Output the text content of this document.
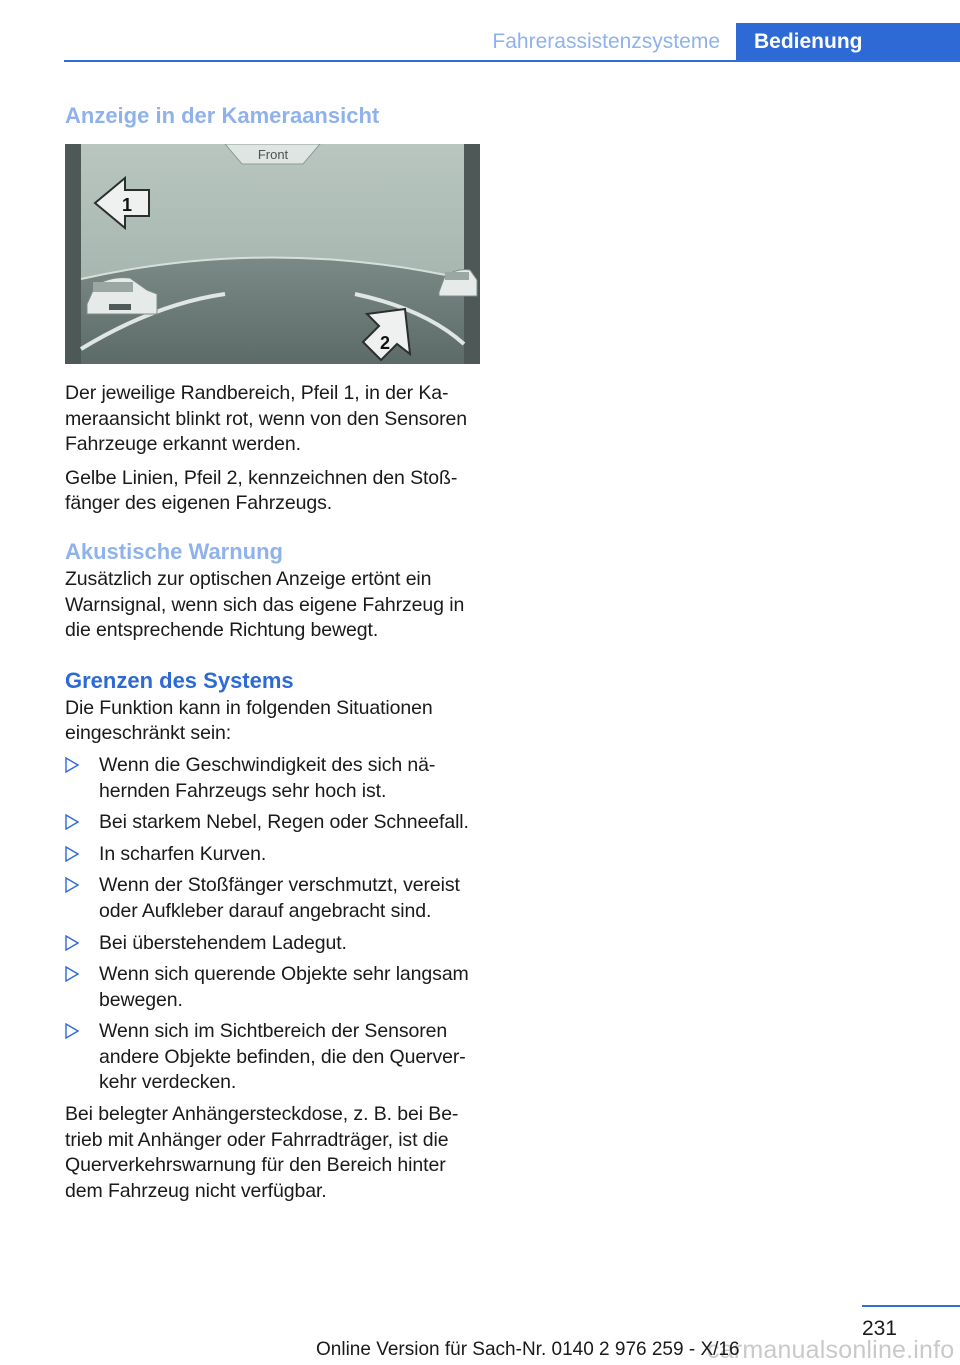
Fahrerassistenzsysteme	Bedienung
Anzeige in der Kameraansicht
Front
1
2

Der jeweilige Randbereich, Pfeil 1, in der Ka‐ meraansicht blinkt rot, wenn von den Sensoren Fahrzeuge erkannt werden.

Gelbe Linien, Pfeil 2, kennzeichnen den Stoß‐ fänger des eigenen Fahrzeugs.

Akustische Warnung

Zusätzlich zur optischen Anzeige ertönt ein Warnsignal, wenn sich das eigene Fahrzeug in die entsprechende Richtung bewegt.

Grenzen des Systems

Die Funktion kann in folgenden Situationen eingeschränkt sein:

Wenn die Geschwindigkeit des sich nä‐ hernden Fahrzeugs sehr hoch ist.
Bei starkem Nebel, Regen oder Schneefall.
In scharfen Kurven.
Wenn der Stoßfänger verschmutzt, vereist oder Aufkleber darauf angebracht sind.
Bei überstehendem Ladegut.
Wenn sich querende Objekte sehr langsam bewegen.
Wenn sich im Sichtbereich der Sensoren andere Objekte befinden, die den Querver‐ kehr verdecken.

Bei belegter Anhängersteckdose, z. B. bei Be‐ trieb mit Anhänger oder Fahrradträger, ist die Querverkehrswarnung für den Bereich hinter dem Fahrzeug nicht verfügbar.

231
carmanualsonline.info
Online Version für Sach-Nr. 0140 2 976 259 - X/16
